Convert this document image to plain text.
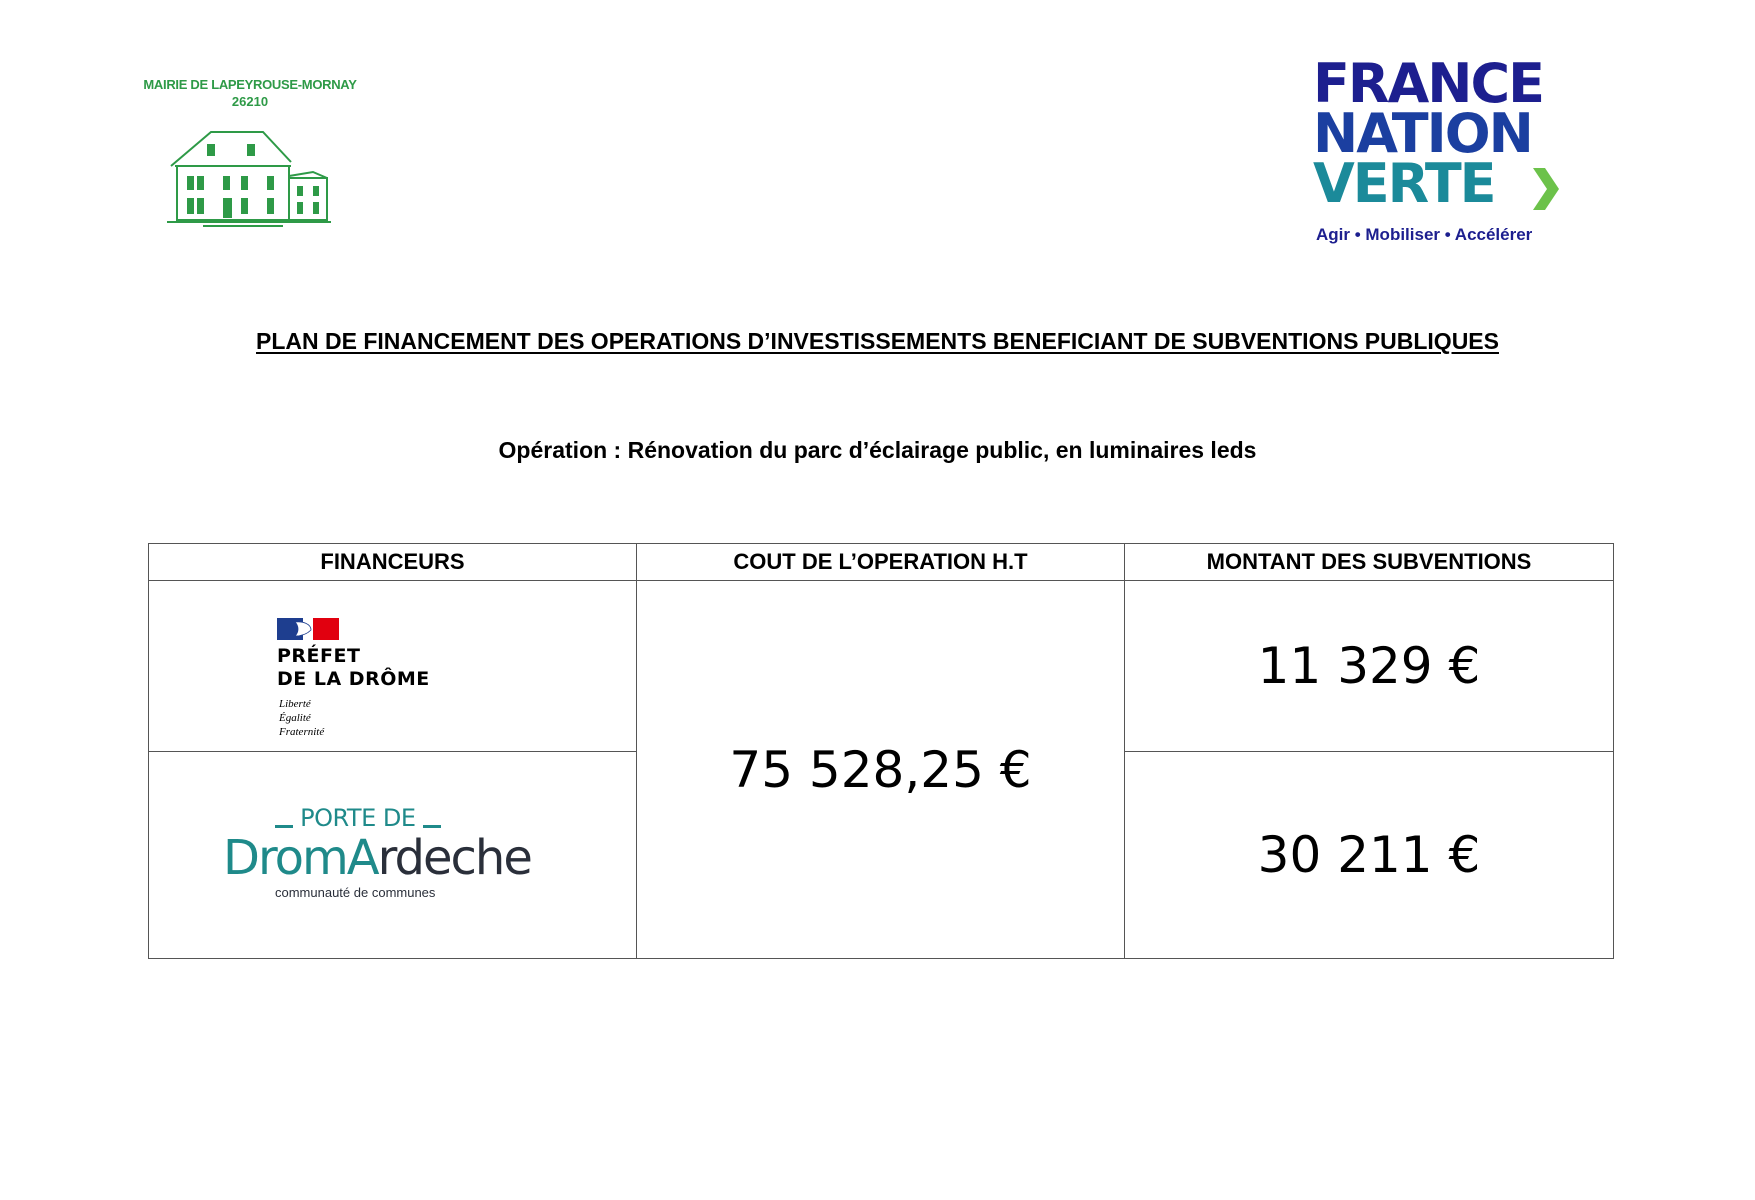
MAIRIE DE LAPEYROUSE-MORNAY
26210	FRANCE
NATION
VERTE
Agir • Mobiliser • Accélérer
PLAN DE FINANCEMENT DES OPERATIONS D’INVESTISSEMENTS BENEFICIANT DE SUBVENTIONS PUBLIQUES
Opération : Rénovation du parc d’éclairage public, en luminaires leds
FINANCEURS	COUT DE L’OPERATION H.T	MONTANT DES SUBVENTIONS

PRÉFET
DE LA DRÔME
Liberté
Égalité
Fraternité	75 528,25 €	11 329 €

PORTE DE
DromArdeche
communauté de communes		30 211 €
